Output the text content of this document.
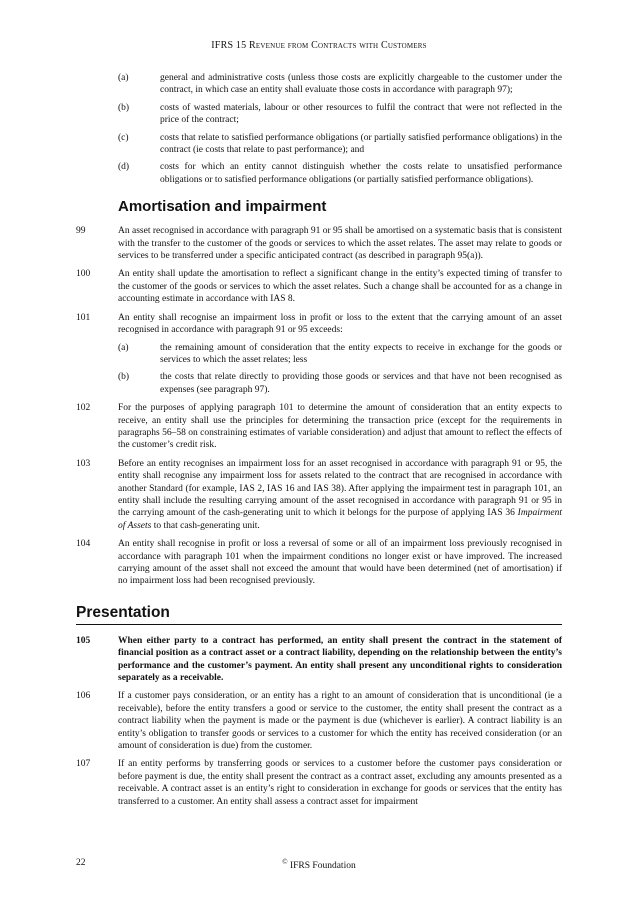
IFRS 15 Revenue from Contracts with Customers
(a)	general and administrative costs (unless those costs are explicitly chargeable to the customer under the contract, in which case an entity shall evaluate those costs in accordance with paragraph 97);
(b)	costs of wasted materials, labour or other resources to fulfil the contract that were not reflected in the price of the contract;
(c)	costs that relate to satisfied performance obligations (or partially satisfied performance obligations) in the contract (ie costs that relate to past performance); and
(d)	costs for which an entity cannot distinguish whether the costs relate to unsatisfied performance obligations or to satisfied performance obligations (or partially satisfied performance obligations).
Amortisation and impairment
99	An asset recognised in accordance with paragraph 91 or 95 shall be amortised on a systematic basis that is consistent with the transfer to the customer of the goods or services to which the asset relates. The asset may relate to goods or services to be transferred under a specific anticipated contract (as described in paragraph 95(a)).
100	An entity shall update the amortisation to reflect a significant change in the entity’s expected timing of transfer to the customer of the goods or services to which the asset relates. Such a change shall be accounted for as a change in accounting estimate in accordance with IAS 8.
101	An entity shall recognise an impairment loss in profit or loss to the extent that the carrying amount of an asset recognised in accordance with paragraph 91 or 95 exceeds:
(a)	the remaining amount of consideration that the entity expects to receive in exchange for the goods or services to which the asset relates; less
(b)	the costs that relate directly to providing those goods or services and that have not been recognised as expenses (see paragraph 97).
102	For the purposes of applying paragraph 101 to determine the amount of consideration that an entity expects to receive, an entity shall use the principles for determining the transaction price (except for the requirements in paragraphs 56–58 on constraining estimates of variable consideration) and adjust that amount to reflect the effects of the customer’s credit risk.
103	Before an entity recognises an impairment loss for an asset recognised in accordance with paragraph 91 or 95, the entity shall recognise any impairment loss for assets related to the contract that are recognised in accordance with another Standard (for example, IAS 2, IAS 16 and IAS 38). After applying the impairment test in paragraph 101, an entity shall include the resulting carrying amount of the asset recognised in accordance with paragraph 91 or 95 in the carrying amount of the cash-generating unit to which it belongs for the purpose of applying IAS 36 Impairment of Assets to that cash-generating unit.
104	An entity shall recognise in profit or loss a reversal of some or all of an impairment loss previously recognised in accordance with paragraph 101 when the impairment conditions no longer exist or have improved. The increased carrying amount of the asset shall not exceed the amount that would have been determined (net of amortisation) if no impairment loss had been recognised previously.
Presentation
105	When either party to a contract has performed, an entity shall present the contract in the statement of financial position as a contract asset or a contract liability, depending on the relationship between the entity’s performance and the customer’s payment. An entity shall present any unconditional rights to consideration separately as a receivable.
106	If a customer pays consideration, or an entity has a right to an amount of consideration that is unconditional (ie a receivable), before the entity transfers a good or service to the customer, the entity shall present the contract as a contract liability when the payment is made or the payment is due (whichever is earlier). A contract liability is an entity’s obligation to transfer goods or services to a customer for which the entity has received consideration (or an amount of consideration is due) from the customer.
107	If an entity performs by transferring goods or services to a customer before the customer pays consideration or before payment is due, the entity shall present the contract as a contract asset, excluding any amounts presented as a receivable. A contract asset is an entity’s right to consideration in exchange for goods or services that the entity has transferred to a customer. An entity shall assess a contract asset for impairment
22	© IFRS Foundation
